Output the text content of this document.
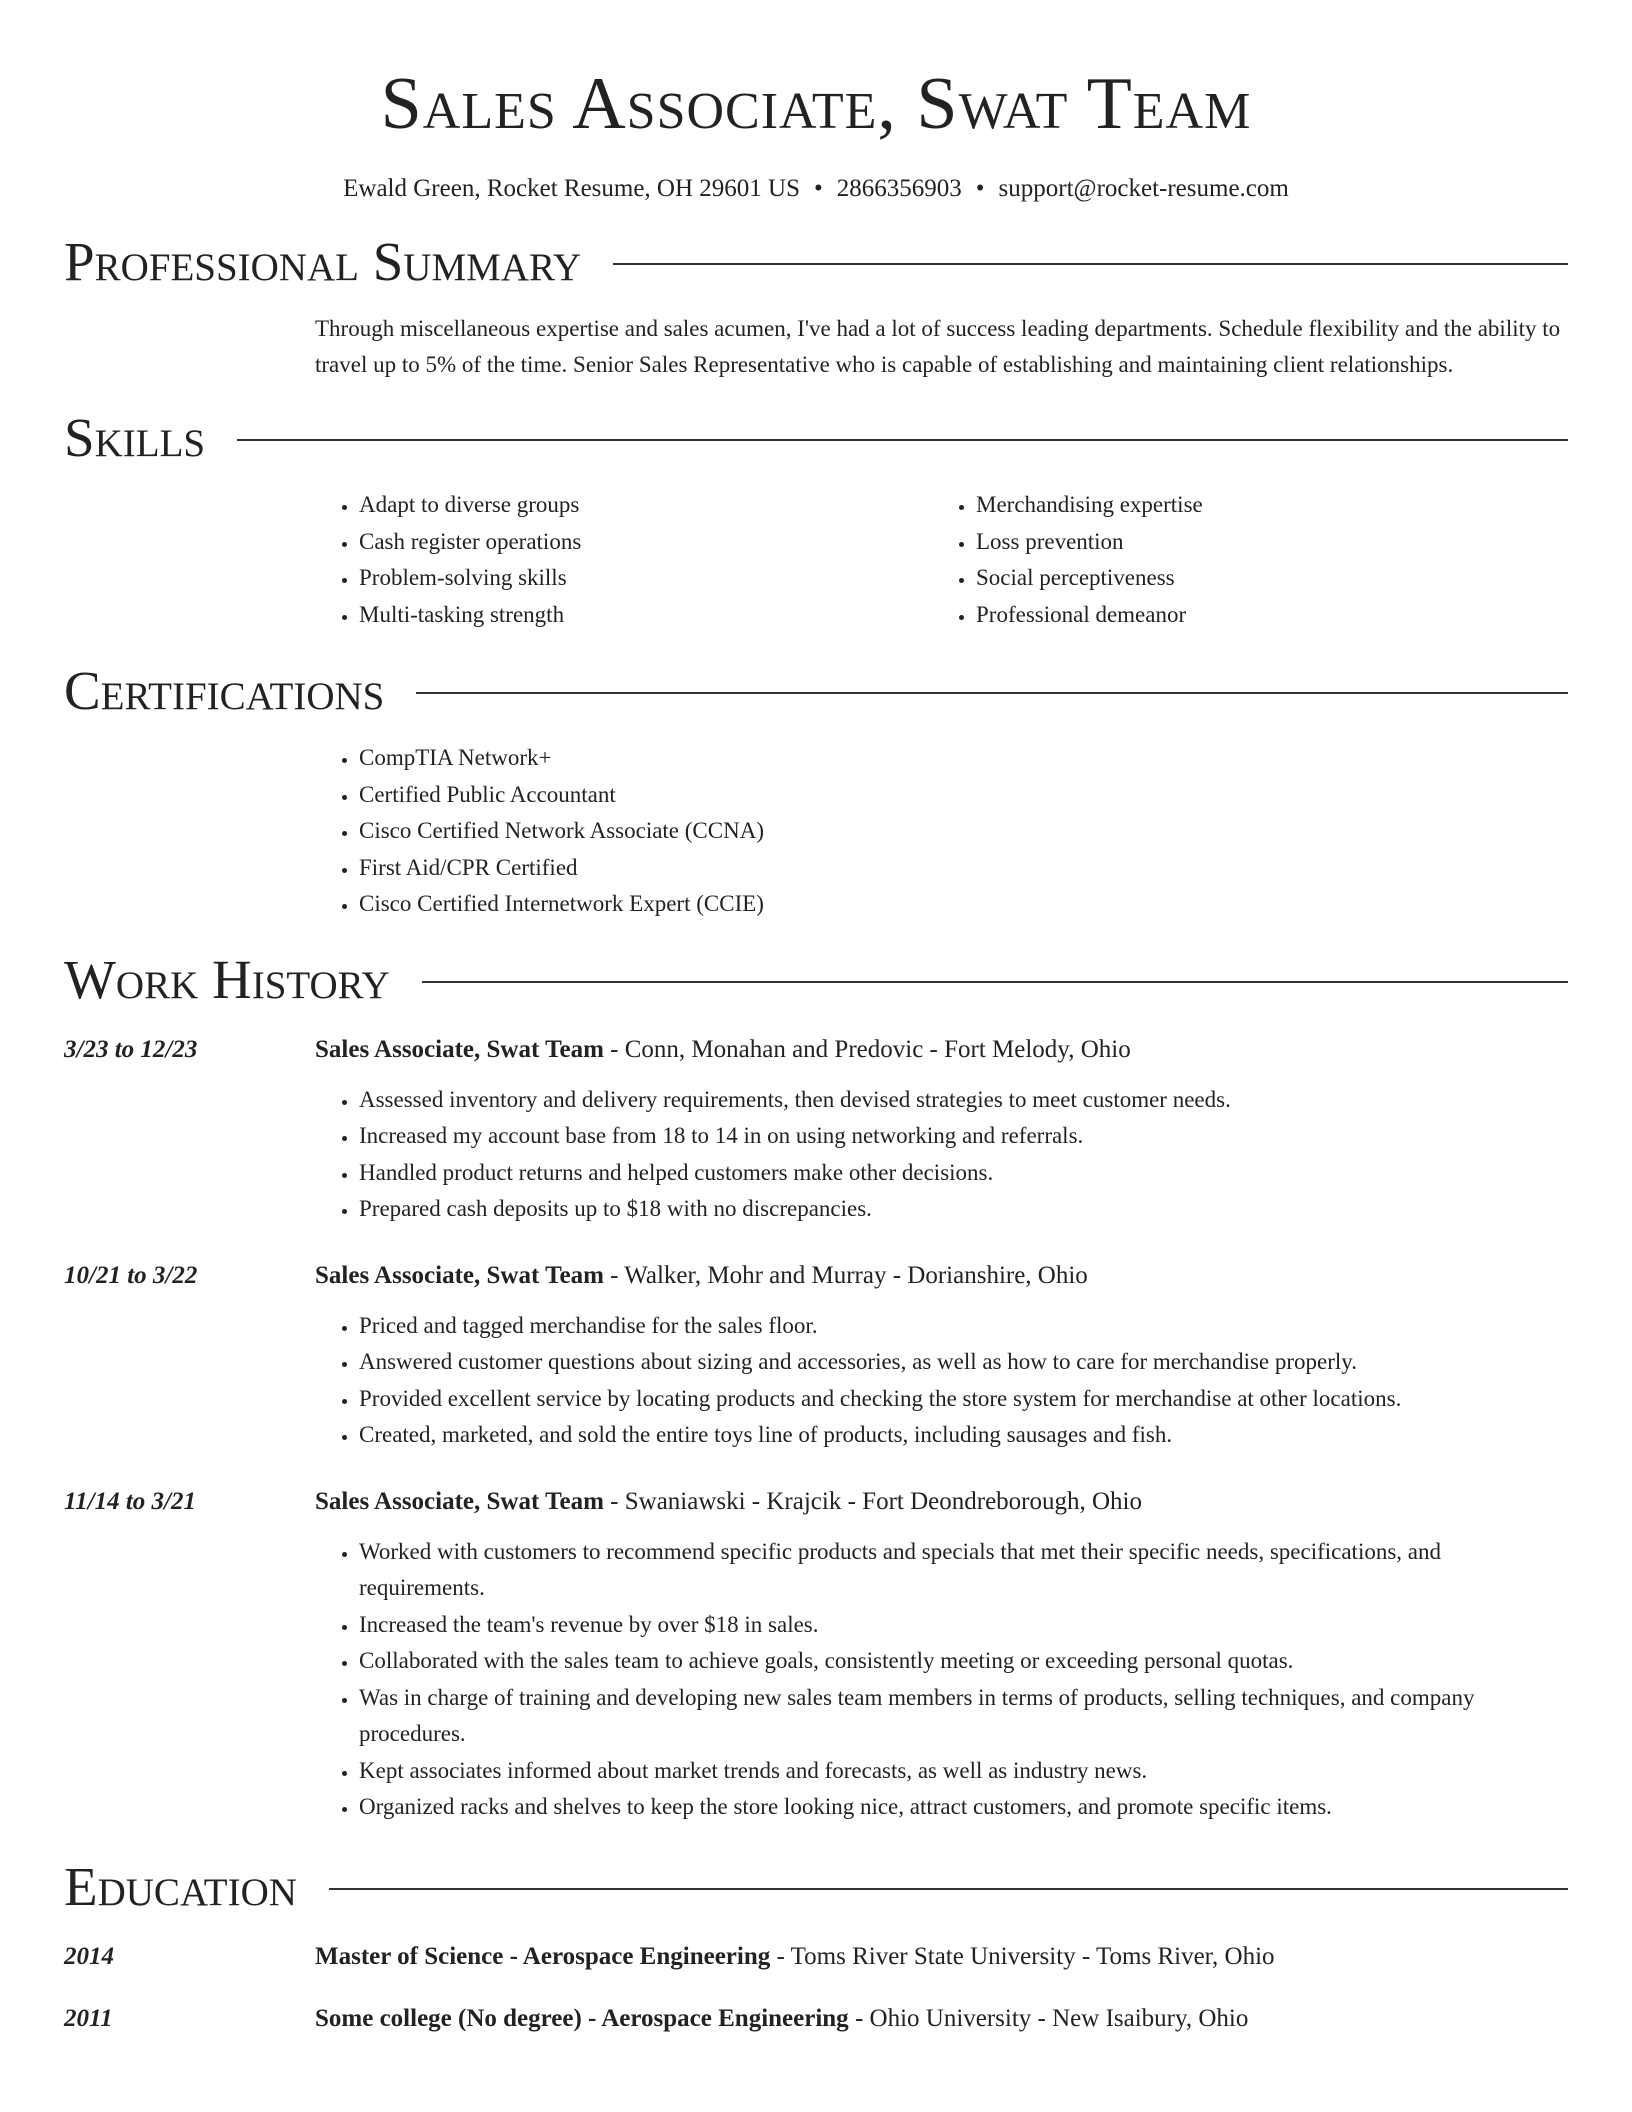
Sales Associate, Swat Team
Ewald Green, Rocket Resume, OH 29601 US • 2866356903 • support@rocket-resume.com
Professional Summary

Through miscellaneous expertise and sales acumen, I've had a lot of success leading departments. Schedule flexibility and the ability to travel up to 5% of the time. Senior Sales Representative who is capable of establishing and maintaining client relationships.

Skills
• Adapt to diverse groups
• Cash register operations
• Problem-solving skills
• Multi-tasking strength
• Merchandising expertise
• Loss prevention
• Social perceptiveness
• Professional demeanor
Certifications
• CompTIA Network+
• Certified Public Accountant
• Cisco Certified Network Associate (CCNA)
• First Aid/CPR Certified
• Cisco Certified Internetwork Expert (CCIE)
Work History
3/23 to 12/23	Sales Associate, Swat Team - Conn, Monahan and Predovic - Fort Melody, Ohio
• Assessed inventory and delivery requirements, then devised strategies to meet customer needs.
• Increased my account base from 18 to 14 in on using networking and referrals.
• Handled product returns and helped customers make other decisions.
• Prepared cash deposits up to $18 with no discrepancies.
10/21 to 3/22	Sales Associate, Swat Team - Walker, Mohr and Murray - Dorianshire, Ohio
• Priced and tagged merchandise for the sales floor.
• Answered customer questions about sizing and accessories, as well as how to care for merchandise properly.
• Provided excellent service by locating products and checking the store system for merchandise at other locations.
• Created, marketed, and sold the entire toys line of products, including sausages and fish.
11/14 to 3/21	Sales Associate, Swat Team - Swaniawski - Krajcik - Fort Deondreborough, Ohio
• Worked with customers to recommend specific products and specials that met their specific needs, specifications, and requirements.
• Increased the team's revenue by over $18 in sales.
• Collaborated with the sales team to achieve goals, consistently meeting or exceeding personal quotas.
• Was in charge of training and developing new sales team members in terms of products, selling techniques, and company procedures.
• Kept associates informed about market trends and forecasts, as well as industry news.
• Organized racks and shelves to keep the store looking nice, attract customers, and promote specific items.
Education
2014	Master of Science - Aerospace Engineering - Toms River State University - Toms River, Ohio
2011	Some college (No degree) - Aerospace Engineering - Ohio University - New Isaibury, Ohio
